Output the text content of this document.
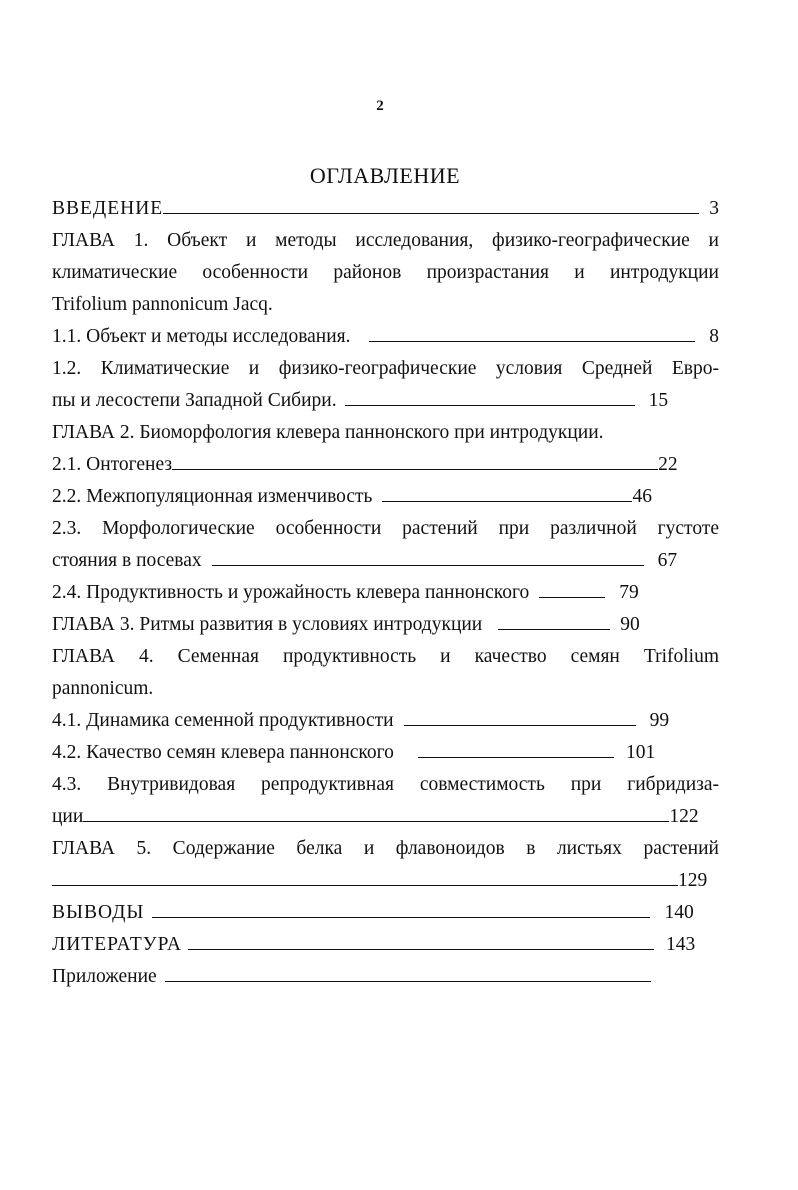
2
ОГЛАВЛЕНИЕ
ВВЕДЕНИЕ	3
ГЛАВА 1. Объект и методы исследования, физико-географические и
климатические особенности районов произрастания и интродукции
Trifolium pannonicum Jacq.
1.1. Объект и методы исследования.	8
1.2. Климатические и физико-географические условия Средней Евро-
пы и лесостепи Западной Сибири.	15
ГЛАВА 2. Биоморфология клевера паннонского при интродукции.
2.1. Онтогенез	22
2.2. Межпопуляционная изменчивость	46
2.3. Морфологические особенности растений при различной густоте
стояния в посевах	67
2.4. Продуктивность и урожайность клевера паннонского	79
ГЛАВА 3. Ритмы развития в условиях интродукции	90
ГЛАВА 4. Семенная продуктивность и качество семян Trifolium
pannonicum.
4.1. Динамика семенной продуктивности	99
4.2. Качество семян клевера паннонского	101
4.3. Внутривидовая репродуктивная совместимость при гибридиза-
ции	122
ГЛАВА 5. Содержание белка и флавоноидов в листьях растений
129
ВЫВОДЫ	140
ЛИТЕРАТУРА	143
Приложение
